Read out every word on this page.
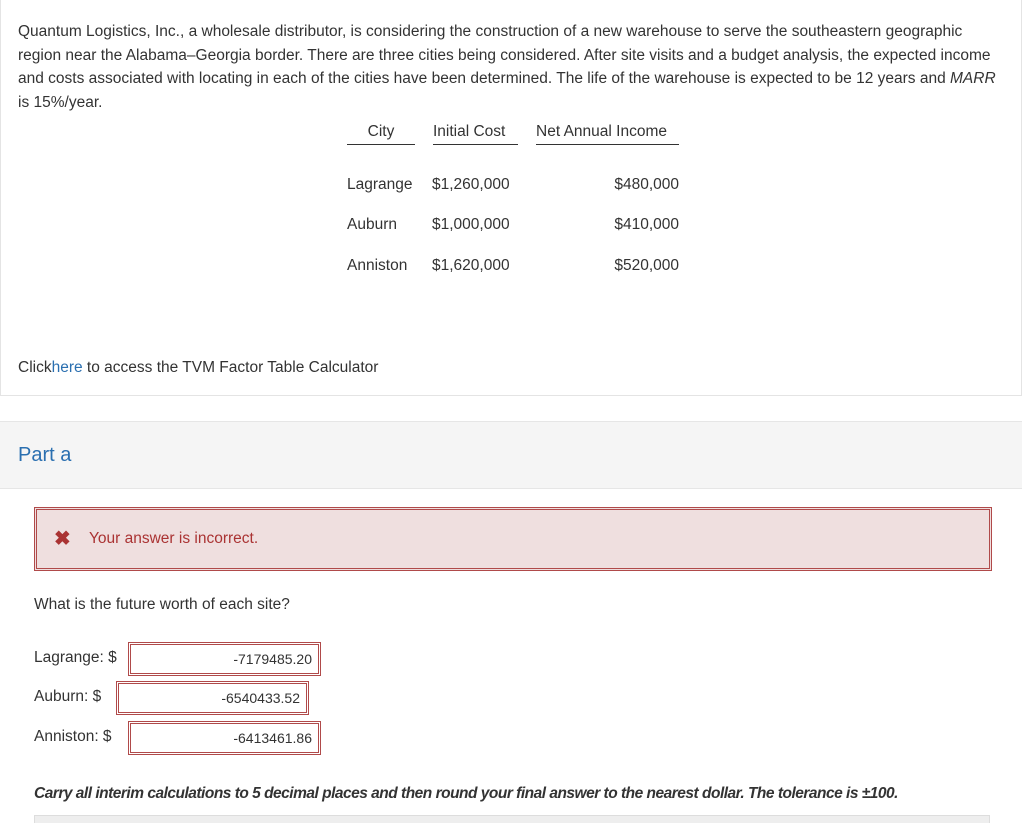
Quantum Logistics, Inc., a wholesale distributor, is considering the construction of a new warehouse to serve the southeastern geographic region near the Alabama–Georgia border. There are three cities being considered. After site visits and a budget analysis, the expected income and costs associated with locating in each of the cities have been determined. The life of the warehouse is expected to be 12 years and MARR is 15%/year.
City	Initial Cost	Net Annual Income
Lagrange $1,260,000	$480,000
Auburn $1,000,000	$410,000
Anniston $1,620,000	$520,000
Clickhere to access the TVM Factor Table Calculator
Part a
✖ Your answer is incorrect.
What is the future worth of each site?
Lagrange: $
-7179485.20
Auburn: $
-6540433.52
Anniston: $
-6413461.86
Carry all interim calculations to 5 decimal places and then round your final answer to the nearest dollar. The tolerance is ±100.
